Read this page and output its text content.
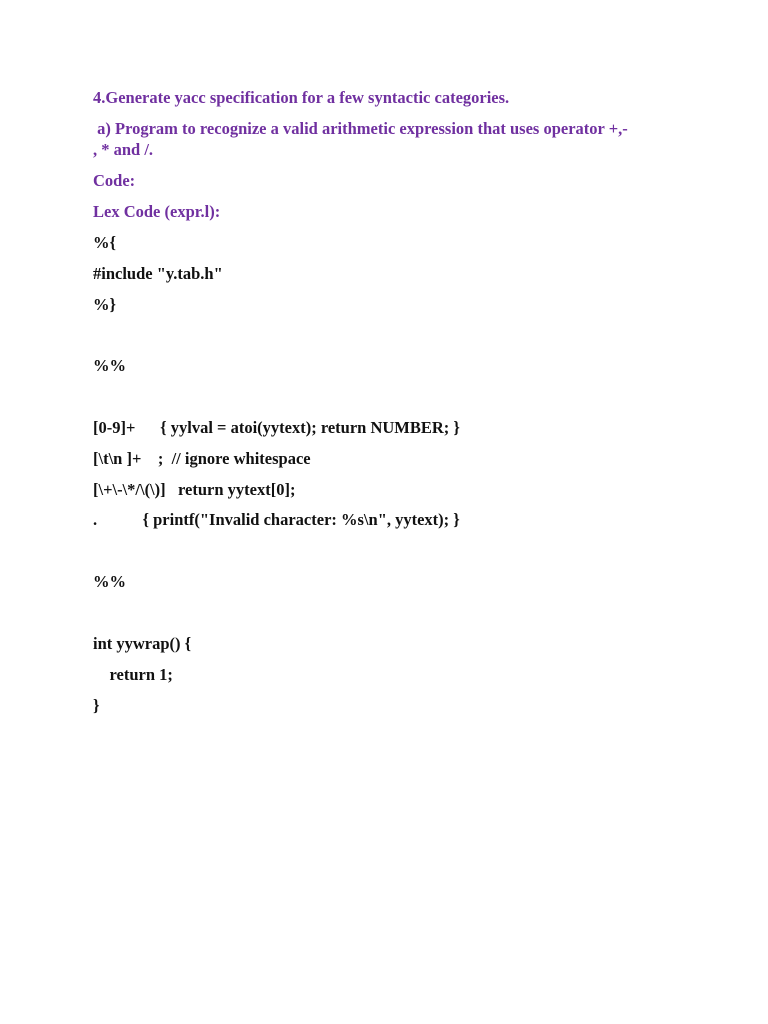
4.Generate yacc specification for a few syntactic categories.
a) Program to recognize a valid arithmetic expression that uses operator +,-
, * and /.
Code:
Lex Code (expr.l):
%{
#include "y.tab.h"
%}
%%
[0-9]+      { yylval = atoi(yytext); return NUMBER; }
[\t\n ]+    ;  // ignore whitespace
[\+\-\*/\(\)]   return yytext[0];
.           { printf("Invalid character: %s\n", yytext); }
%%
int yywrap() {
return 1;
}
